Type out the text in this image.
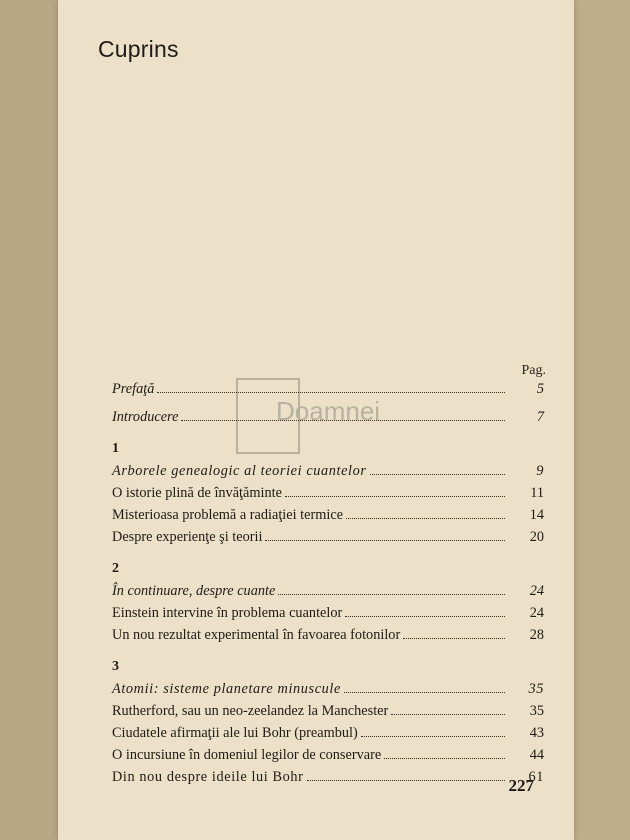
Cuprins
Doamnei
Pag.
Prefaţă	5
Introducere	7
1
Arborele genealogic al teoriei cuantelor	9
O istorie plină de învăţăminte	11
Misterioasa problemă a radiaţiei termice	14
Despre experienţe şi teorii	20
2
În continuare, despre cuante	24
Einstein intervine în problema cuantelor	24
Un nou rezultat experimental în favoarea fotonilor	28
3
Atomii: sisteme planetare minuscule	35
Rutherford, sau un neo-zeelandez la Manchester	35
Ciudatele afirmaţii ale lui Bohr (preambul)	43
O incursiune în domeniul legilor de conservare	44
Din nou despre ideile lui Bohr	61
227
